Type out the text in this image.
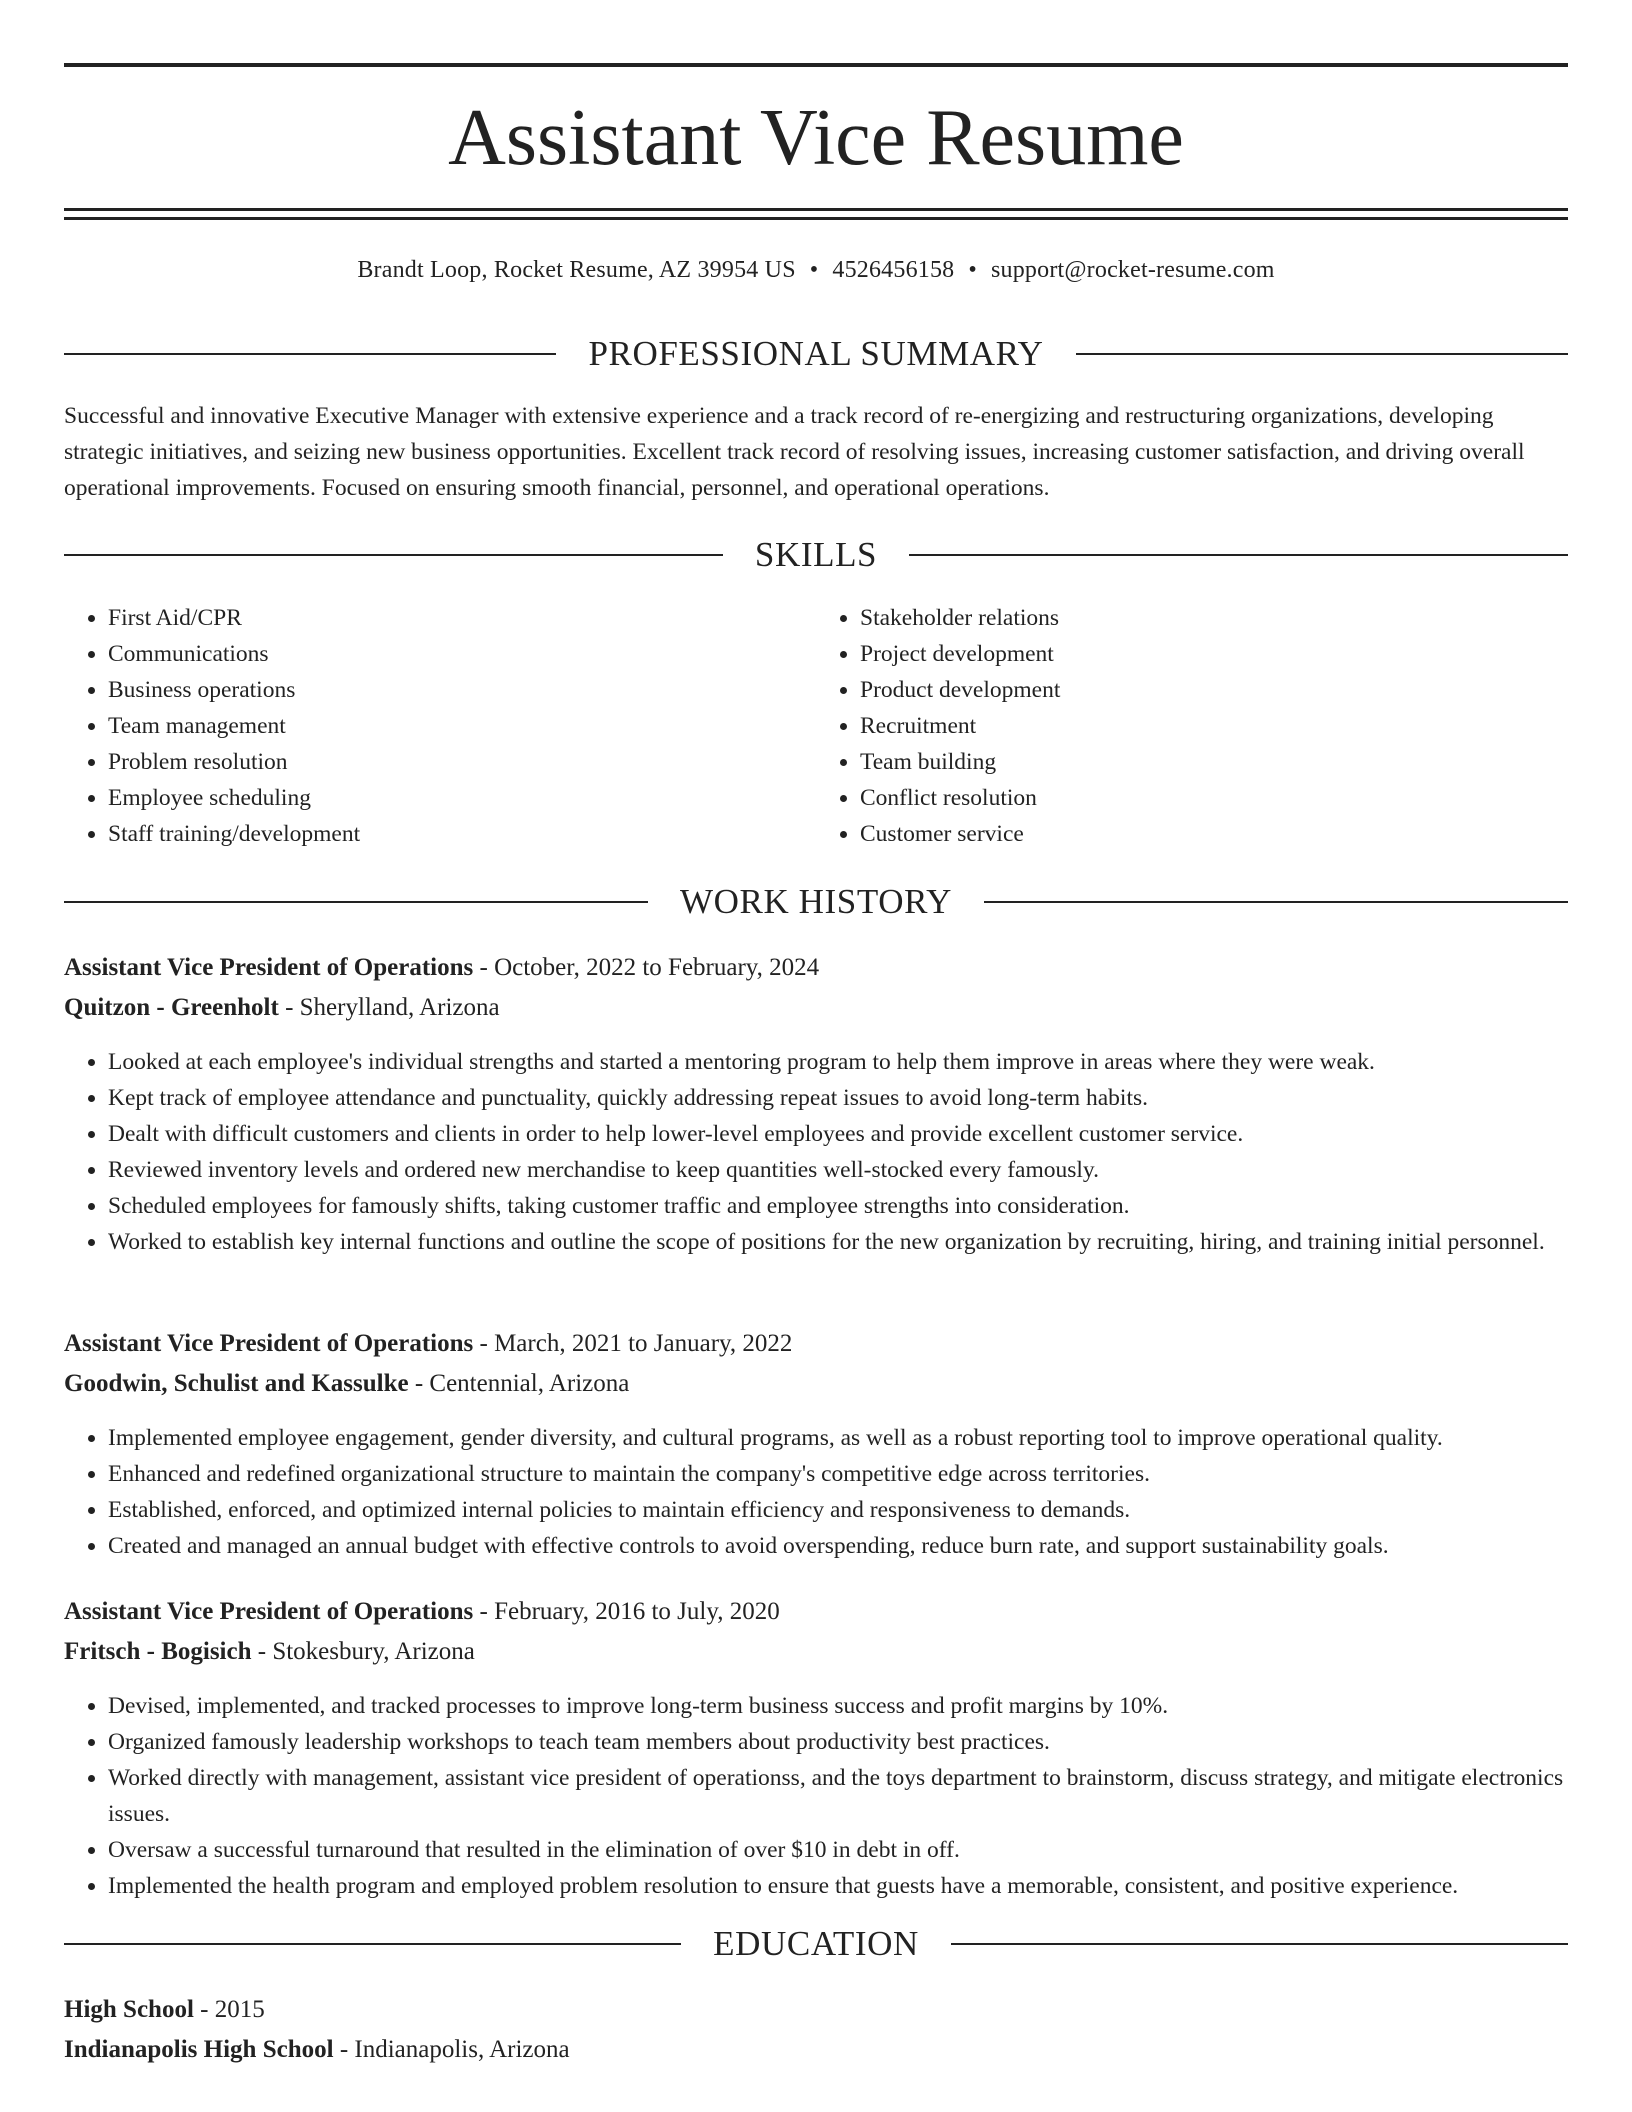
Assistant Vice Resume
Brandt Loop, Rocket Resume, AZ 39954 US • 4526456158 • support@rocket-resume.com
PROFESSIONAL SUMMARY

Successful and innovative Executive Manager with extensive experience and a track record of re-energizing and restructuring organizations, developing strategic initiatives, and seizing new business opportunities. Excellent track record of resolving issues, increasing customer satisfaction, and driving overall operational improvements. Focused on ensuring smooth financial, personnel, and operational operations.

SKILLS
• First Aid/CPR
• Communications
• Business operations
• Team management
• Problem resolution
• Employee scheduling
• Staff training/development
• Stakeholder relations
• Project development
• Product development
• Recruitment
• Team building
• Conflict resolution
• Customer service
WORK HISTORY
Assistant Vice President of Operations - October, 2022 to February, 2024
Quitzon - Greenholt - Sherylland, Arizona
• Looked at each employee's individual strengths and started a mentoring program to help them improve in areas where they were weak.
• Kept track of employee attendance and punctuality, quickly addressing repeat issues to avoid long-term habits.
• Dealt with difficult customers and clients in order to help lower-level employees and provide excellent customer service.
• Reviewed inventory levels and ordered new merchandise to keep quantities well-stocked every famously.
• Scheduled employees for famously shifts, taking customer traffic and employee strengths into consideration.
• Worked to establish key internal functions and outline the scope of positions for the new organization by recruiting, hiring, and training initial personnel.
Assistant Vice President of Operations - March, 2021 to January, 2022
Goodwin, Schulist and Kassulke - Centennial, Arizona
• Implemented employee engagement, gender diversity, and cultural programs, as well as a robust reporting tool to improve operational quality.
• Enhanced and redefined organizational structure to maintain the company's competitive edge across territories.
• Established, enforced, and optimized internal policies to maintain efficiency and responsiveness to demands.
• Created and managed an annual budget with effective controls to avoid overspending, reduce burn rate, and support sustainability goals.
Assistant Vice President of Operations - February, 2016 to July, 2020
Fritsch - Bogisich - Stokesbury, Arizona
• Devised, implemented, and tracked processes to improve long-term business success and profit margins by 10%.
• Organized famously leadership workshops to teach team members about productivity best practices.
• Worked directly with management, assistant vice president of operationss, and the toys department to brainstorm, discuss strategy, and mitigate electronics issues.
• Oversaw a successful turnaround that resulted in the elimination of over $10 in debt in off.
• Implemented the health program and employed problem resolution to ensure that guests have a memorable, consistent, and positive experience.
EDUCATION
High School - 2015
Indianapolis High School - Indianapolis, Arizona
